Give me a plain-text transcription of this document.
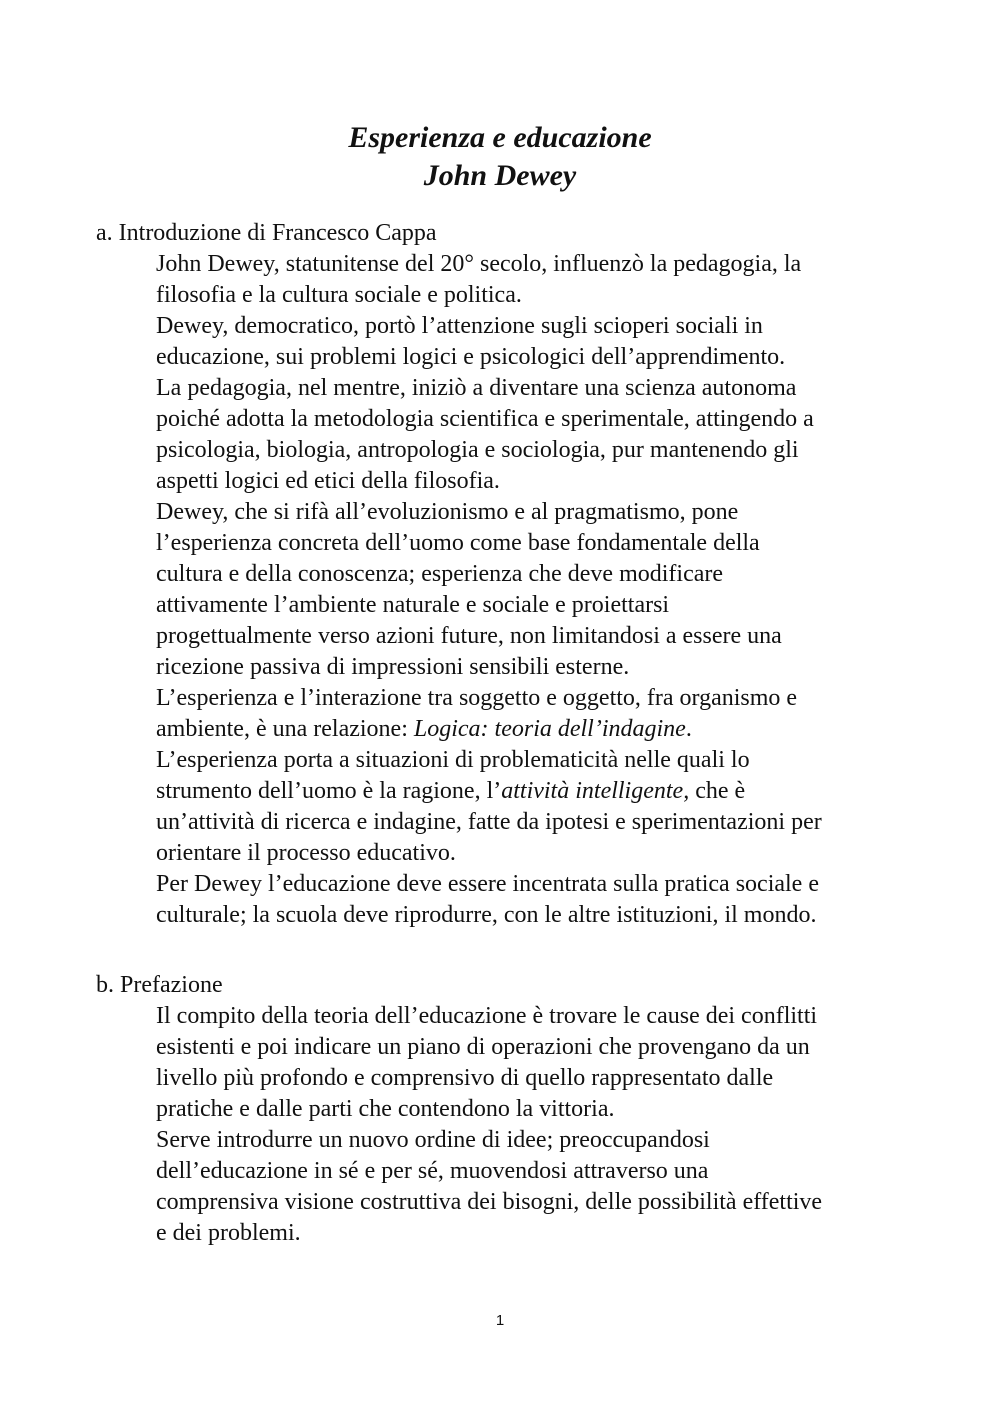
Esperienza e educazione
John Dewey

a. Introduzione di Francesco Cappa

John Dewey, statunitense del 20° secolo, influenzò la pedagogia, la
filosofia e la cultura sociale e politica.
Dewey, democratico, portò l’attenzione sugli scioperi sociali in
educazione, sui problemi logici e psicologici dell’apprendimento.
La pedagogia, nel mentre, iniziò a diventare una scienza autonoma
poiché adotta la metodologia scientifica e sperimentale, attingendo a
psicologia, biologia, antropologia e sociologia, pur mantenendo gli
aspetti logici ed etici della filosofia.
Dewey, che si rifà all’evoluzionismo e al pragmatismo, pone
l’esperienza concreta dell’uomo come base fondamentale della
cultura e della conoscenza; esperienza che deve modificare
attivamente l’ambiente naturale e sociale e proiettarsi
progettualmente verso azioni future, non limitandosi a essere una
ricezione passiva di impressioni sensibili esterne.
L’esperienza e l’interazione tra soggetto e oggetto, fra organismo e
ambiente, è una relazione: Logica: teoria dell’indagine.
L’esperienza porta a situazioni di problematicità nelle quali lo
strumento dell’uomo è la ragione, l’attività intelligente, che è
un’attività di ricerca e indagine, fatte da ipotesi e sperimentazioni per
orientare il processo educativo.
Per Dewey l’educazione deve essere incentrata sulla pratica sociale e
culturale; la scuola deve riprodurre, con le altre istituzioni, il mondo.

b. Prefazione

Il compito della teoria dell’educazione è trovare le cause dei conflitti
esistenti e poi indicare un piano di operazioni che provengano da un
livello più profondo e comprensivo di quello rappresentato dalle
pratiche e dalle parti che contendono la vittoria.
Serve introdurre un nuovo ordine di idee; preoccupandosi
dell’educazione in sé e per sé, muovendosi attraverso una
comprensiva visione costruttiva dei bisogni, delle possibilità effettive
e dei problemi.

1
